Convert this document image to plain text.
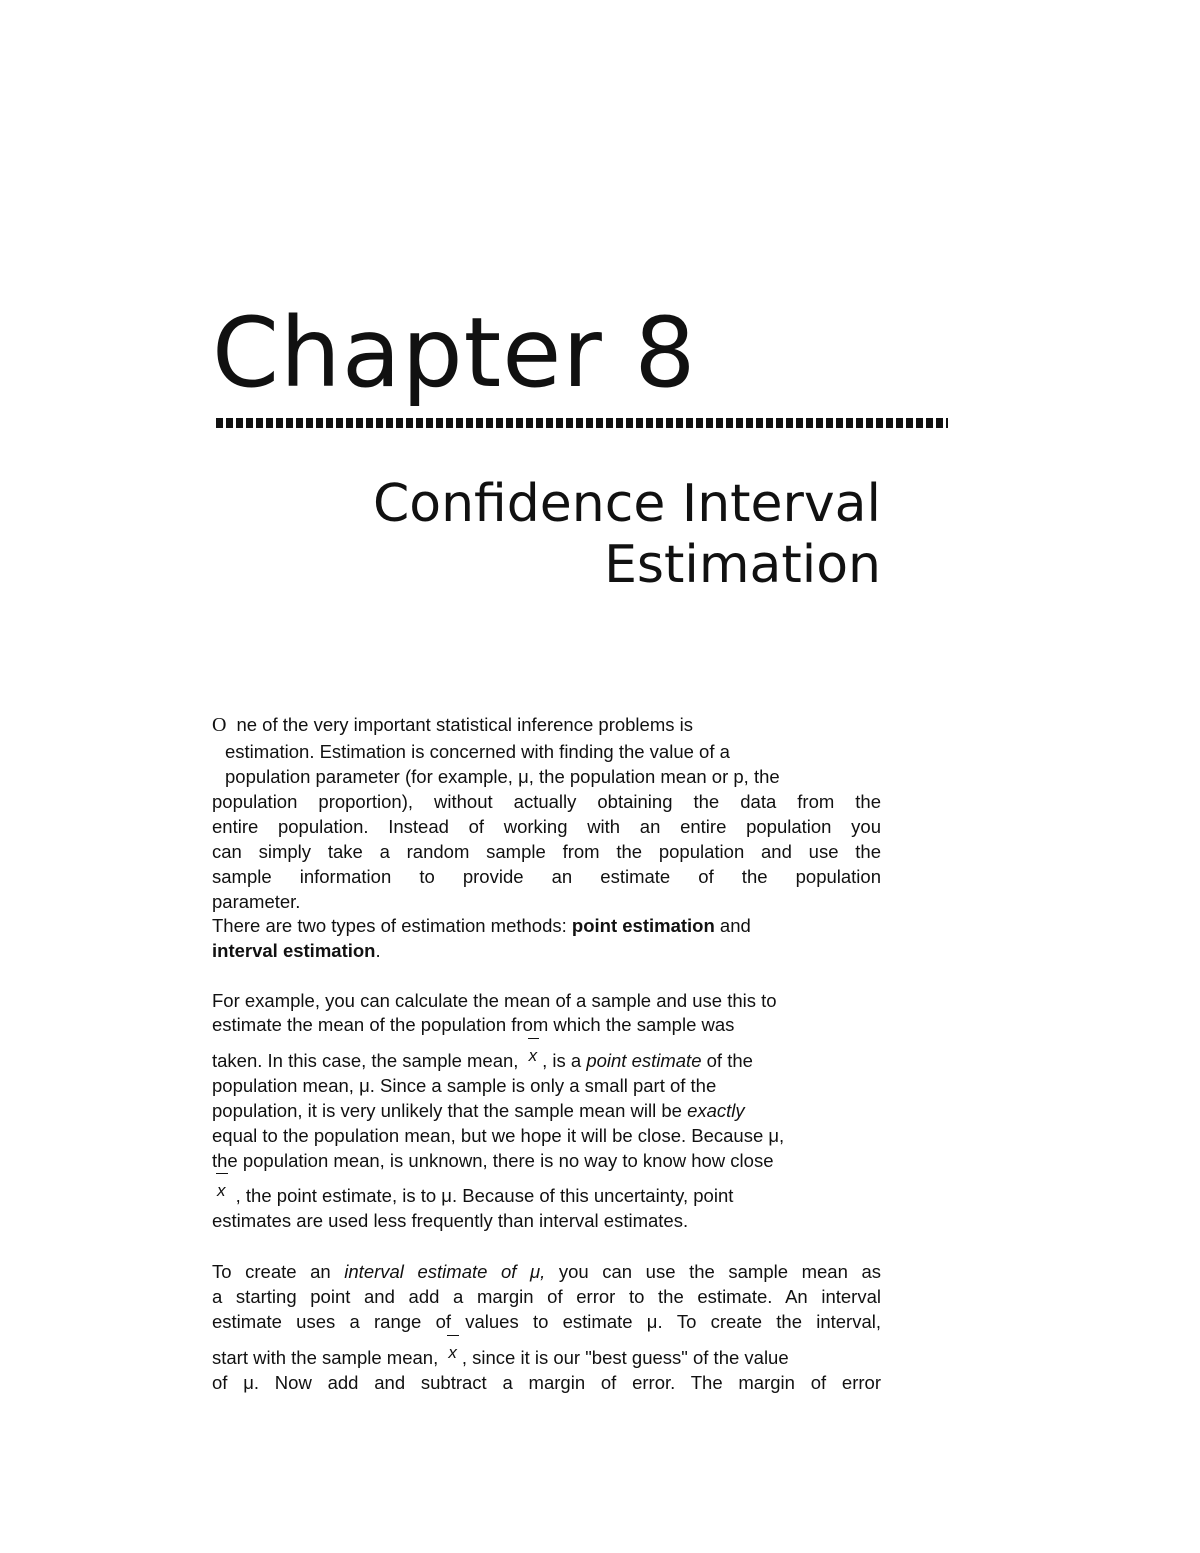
Chapter 8
Confidence Interval
Estimation

O ne of the very important statistical inference problems is

estimation. Estimation is concerned with finding the value of a

population parameter (for example, μ, the population mean or p, the

population proportion), without actually obtaining the data from the

entire population. Instead of working with an entire population you

can simply take a random sample from the population and use the

sample information to provide an estimate of the population

parameter.

There are two types of estimation methods: point estimation and

interval estimation.

For example, you can calculate the mean of a sample and use this to

estimate the mean of the population from which the sample was

taken. In this case, the sample mean, x , is a point estimate of the

population mean, μ. Since a sample is only a small part of the

population, it is very unlikely that the sample mean will be exactly

equal to the population mean, but we hope it will be close. Because μ,

the population mean, is unknown, there is no way to know how close

x , the point estimate, is to μ. Because of this uncertainty, point

estimates are used less frequently than interval estimates.

To create an interval estimate of μ, you can use the sample mean as

a starting point and add a margin of error to the estimate. An interval

estimate uses a range of values to estimate μ. To create the interval,

start with the sample mean, x , since it is our "best guess" of the value

of μ. Now add and subtract a margin of error. The margin of error
